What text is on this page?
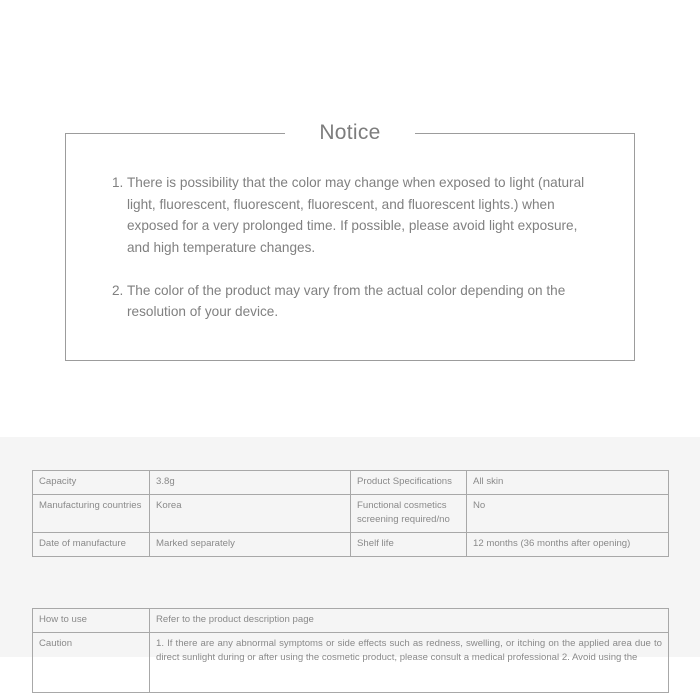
Notice
1. There is possibility that the color may change when exposed to light (natural light, fluorescent, fluorescent, fluorescent, and fluorescent lights.) when exposed for a very prolonged time. If possible, please avoid light exposure, and high temperature changes.
2. The color of the product may vary from the actual color depending on the resolution of your device.
Capacity	3.8g	Product Specifications	All skin
Manufacturing countries	Korea	Functional cosmetics screening required/no	No
Date of manufacture	Marked separately	Shelf life	12 months (36 months after opening)
How to use	Refer to the product description page
Caution	1. If there are any abnormal symptoms or side effects such as redness, swelling, or itching on the applied area due to direct sunlight during or after using the cosmetic product, please consult a medical professional 2. Avoid using the
